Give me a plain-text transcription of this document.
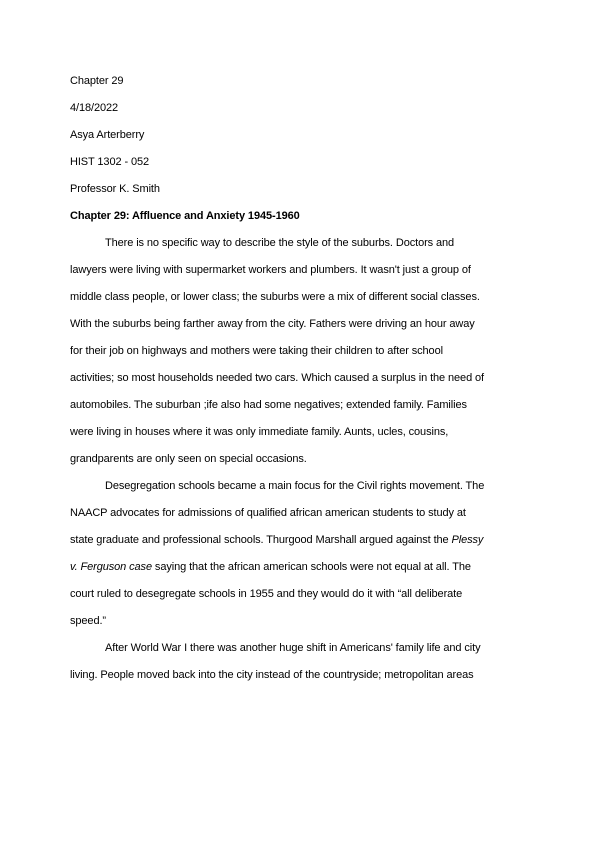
Chapter 29
4/18/2022
Asya Arterberry
HIST 1302 - 052
Professor K. Smith
Chapter 29: Affluence and Anxiety 1945-1960
There is no specific way to describe the style of the suburbs. Doctors and
lawyers were living with supermarket workers and plumbers. It wasn't just a group of
middle class people, or lower class; the suburbs were a mix of different social classes.
With the suburbs being farther away from the city. Fathers were driving an hour away
for their job on highways and mothers were taking their children to after school
activities; so most households needed two cars. Which caused a surplus in the need of
automobiles. The suburban ;ife also had some negatives; extended family. Families
were living in houses where it was only immediate family. Aunts, ucles, cousins,
grandparents are only seen on special occasions.
Desegregation schools became a main focus for the Civil rights movement. The
NAACP advocates for admissions of qualified african american students to study at
state graduate and professional schools. Thurgood Marshall argued against the Plessy
v. Ferguson case saying that the african american schools were not equal at all. The
court ruled to desegregate schools in 1955 and they would do it with “all deliberate
speed.”
After World War I there was another huge shift in Americans' family life and city
living. People moved back into the city instead of the countryside; metropolitan areas
